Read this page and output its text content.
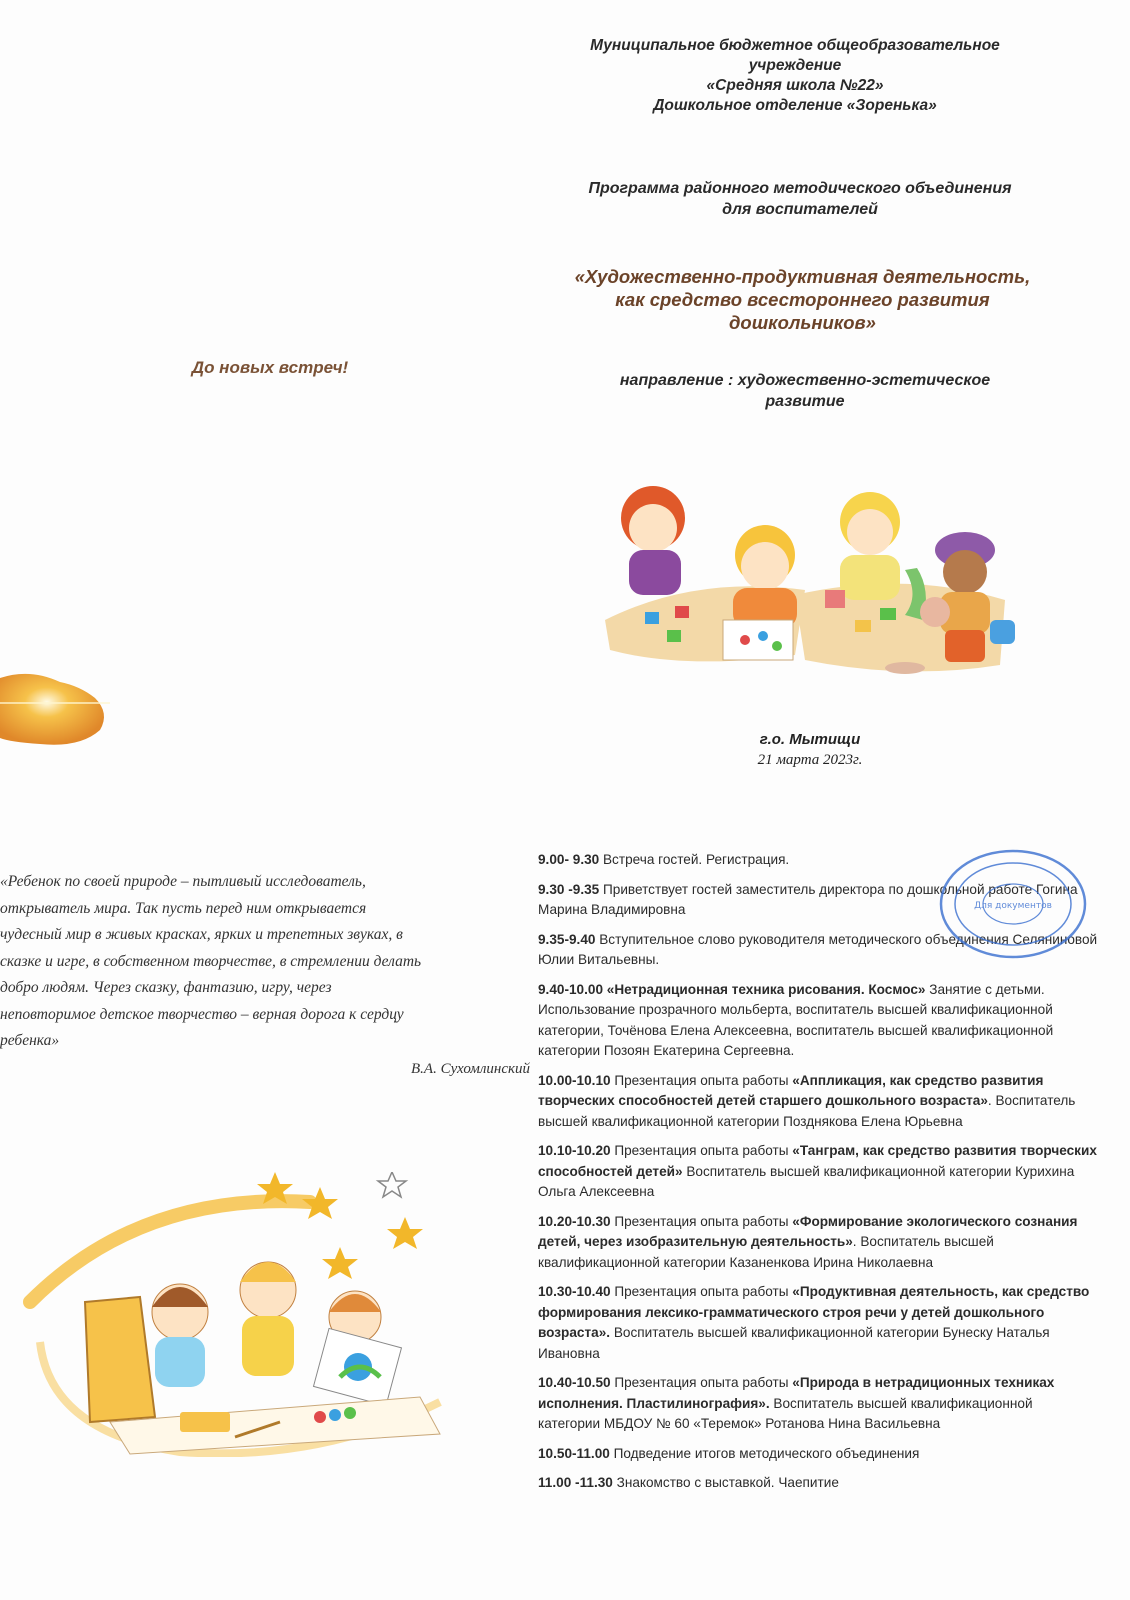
Муниципальное бюджетное общеобразовательное
учреждение
«Средняя школа №22»
Дошкольное отделение «Зоренька»
Программа районного методического объединения
для воспитателей
«Художественно-продуктивная деятельность,
как средство всестороннего развития
дошкольников»
направление : художественно-эстетическое
развитие
До новых встреч!
г.о. Мытищи
21 марта 2023г.
«Ребенок по своей природе – пытливый исследователь,
открыватель мира. Так пусть перед ним открывается
чудесный мир в живых красках, ярких и трепетных звуках, в
сказке и игре, в собственном творчестве, в стремлении делать
добро людям. Через сказку, фантазию, игру, через
неповторимое детское творчество – верная дорога к сердцу
ребенка»
В.А. Сухомлинский
9.00- 9.30 Встреча гостей. Регистрация.
9.30 -9.35 Приветствует гостей заместитель директора по дошкольной работе Гогина Марина Владимировна
9.35-9.40 Вступительное слово руководителя методического объединения Селяниновой Юлии Витальевны.
9.40-10.00 «Нетрадиционная техника рисования. Космос» Занятие с детьми. Использование прозрачного мольберта, воспитатель высшей квалификационной категории, Точёнова Елена Алексеевна, воспитатель высшей квалификационной категории Позоян Екатерина Сергеевна.
10.00-10.10 Презентация опыта работы «Аппликация, как средство развития творческих способностей детей старшего дошкольного возраста». Воспитатель высшей квалификационной категории Позднякова Елена Юрьевна
10.10-10.20 Презентация опыта работы «Танграм, как средство развития творческих способностей детей» Воспитатель высшей квалификационной категории Курихина Ольга Алексеевна
10.20-10.30 Презентация опыта работы «Формирование экологического сознания детей, через изобразительную деятельность». Воспитатель высшей квалификационной категории Казаненкова Ирина Николаевна
10.30-10.40 Презентация опыта работы «Продуктивная деятельность, как средство формирования лексико-грамматического строя речи у детей дошкольного возраста». Воспитатель высшей квалификационной категории Бунеску Наталья Ивановна
10.40-10.50 Презентация опыта работы «Природа в нетрадиционных техниках исполнения. Пластилинография». Воспитатель высшей квалификационной категории МБДОУ № 60 «Теремок» Ротанова Нина Васильевна
10.50-11.00 Подведение итогов методического объединения
11.00 -11.30 Знакомство с выставкой. Чаепитие
Для документов
